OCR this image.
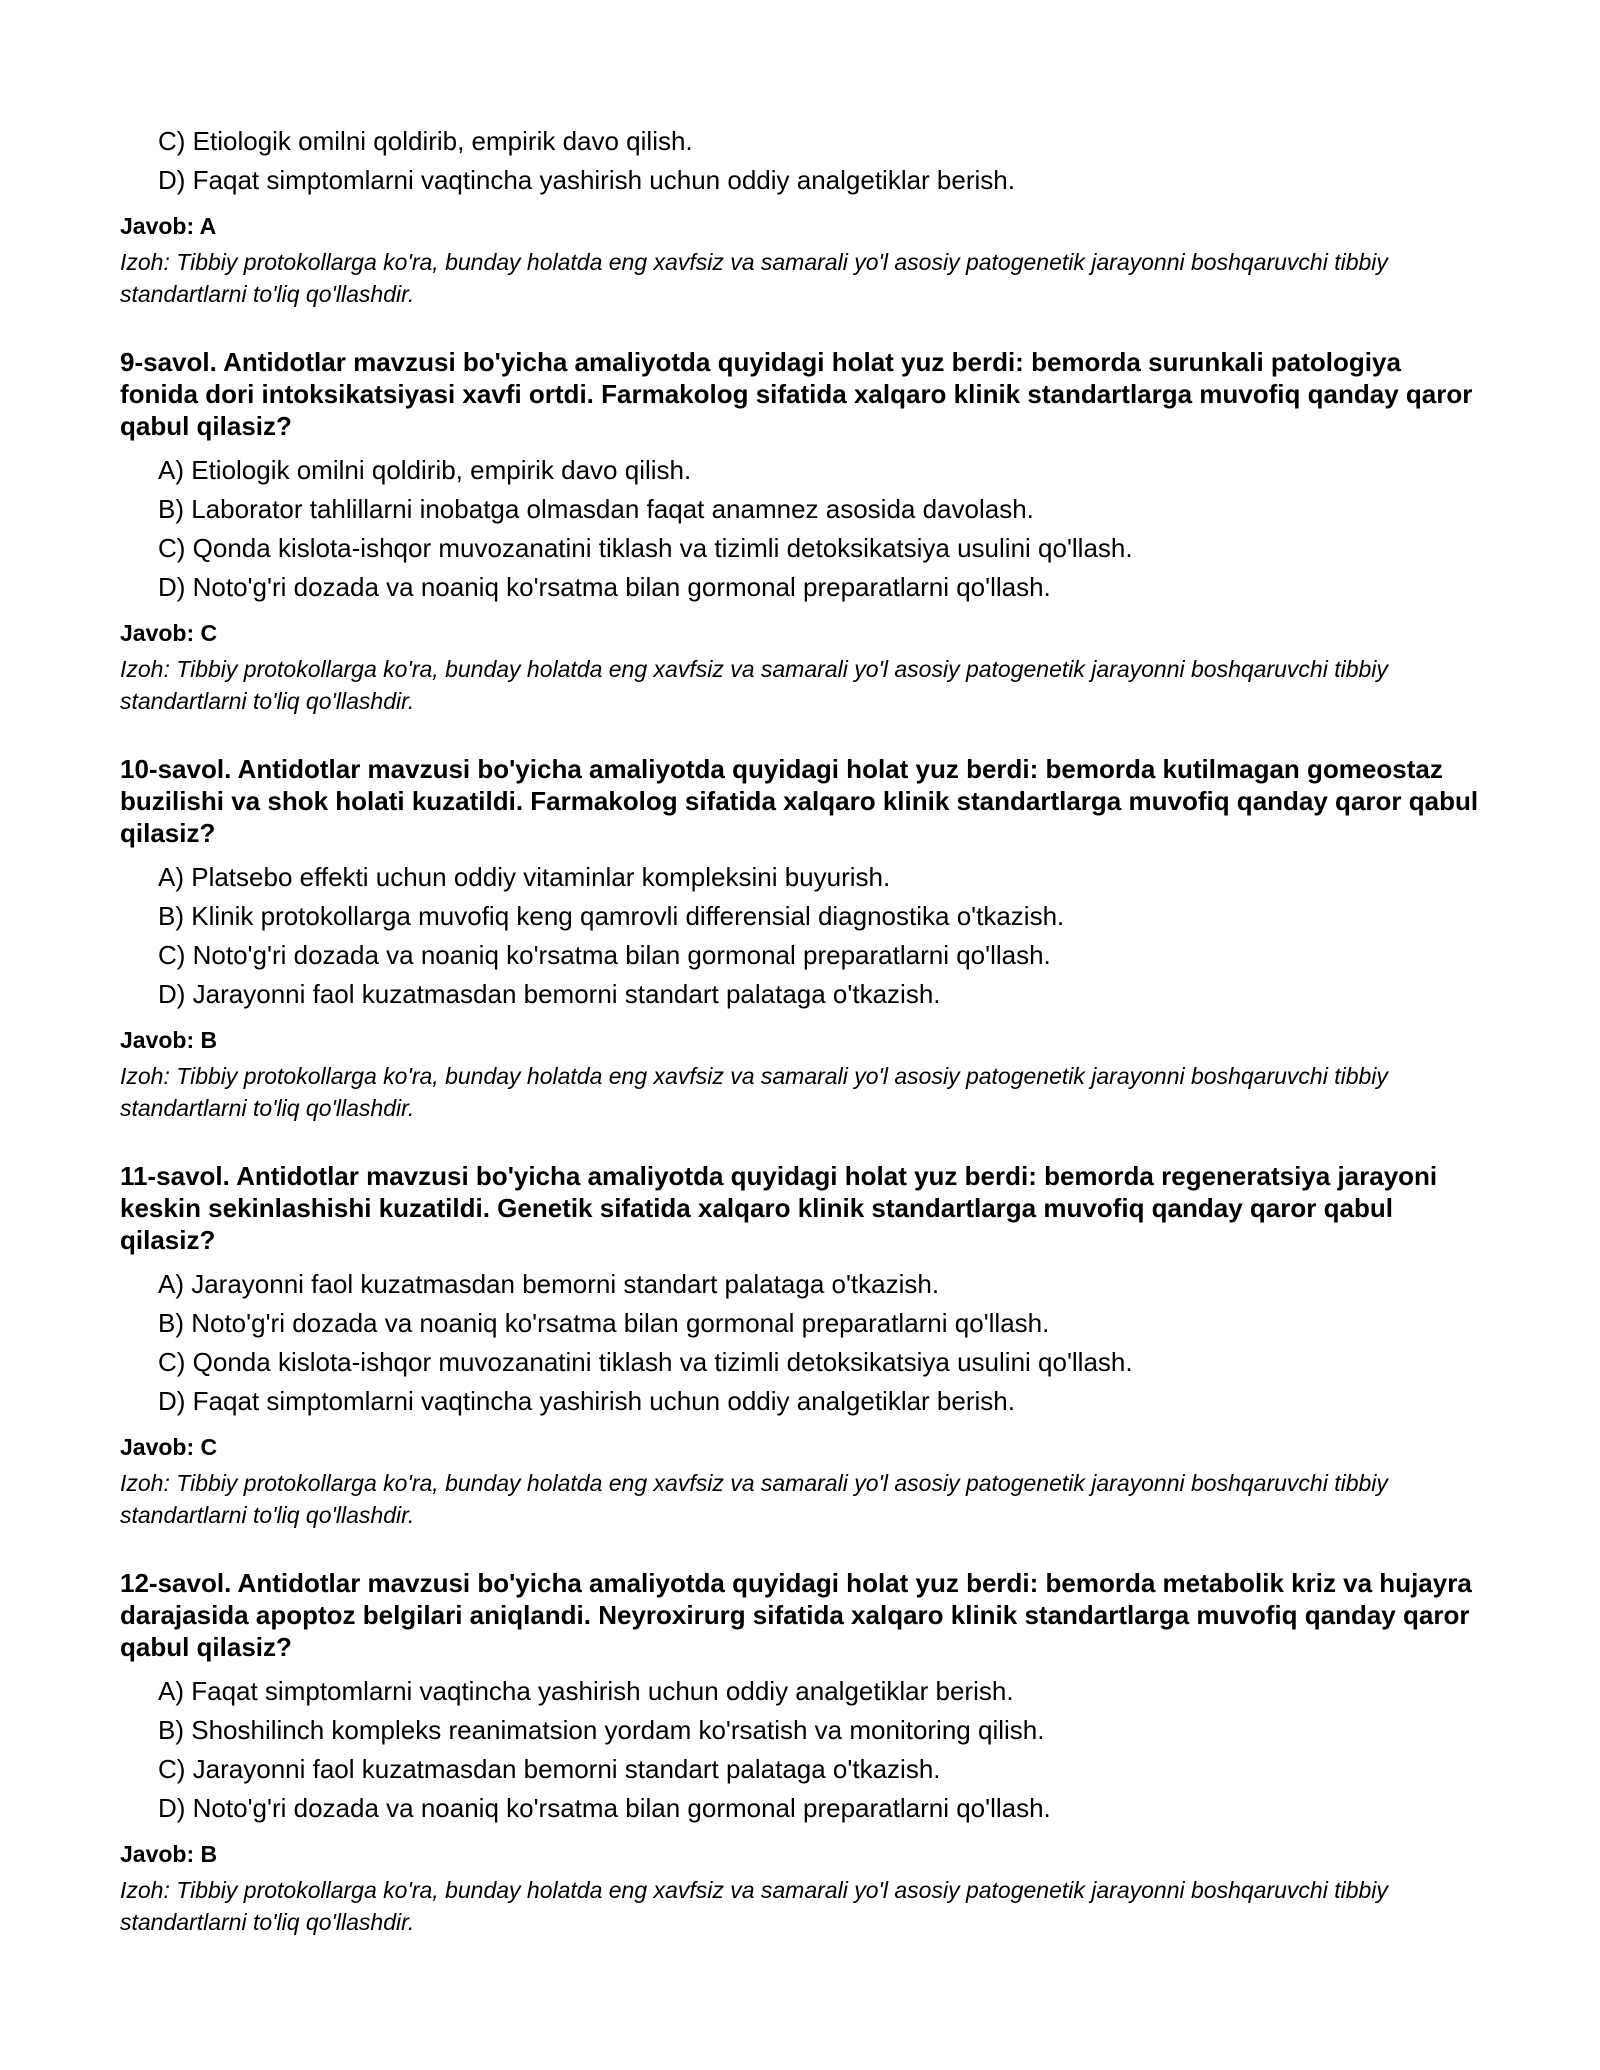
C) Etiologik omilni qoldirib, empirik davo qilish.
D) Faqat simptomlarni vaqtincha yashirish uchun oddiy analgetiklar berish.
Javob: A
Izoh: Tibbiy protokollarga ko'ra, bunday holatda eng xavfsiz va samarali yo'l asosiy patogenetik jarayonni boshqaruvchi tibbiy standartlarni to'liq qo'llashdir.
9-savol. Antidotlar mavzusi bo'yicha amaliyotda quyidagi holat yuz berdi: bemorda surunkali patologiya fonida dori intoksikatsiyasi xavfi ortdi. Farmakolog sifatida xalqaro klinik standartlarga muvofiq qanday qaror qabul qilasiz?
A) Etiologik omilni qoldirib, empirik davo qilish.
B) Laborator tahlillarni inobatga olmasdan faqat anamnez asosida davolash.
C) Qonda kislota-ishqor muvozanatini tiklash va tizimli detoksikatsiya usulini qo'llash.
D) Noto'g'ri dozada va noaniq ko'rsatma bilan gormonal preparatlarni qo'llash.
Javob: C
Izoh: Tibbiy protokollarga ko'ra, bunday holatda eng xavfsiz va samarali yo'l asosiy patogenetik jarayonni boshqaruvchi tibbiy standartlarni to'liq qo'llashdir.
10-savol. Antidotlar mavzusi bo'yicha amaliyotda quyidagi holat yuz berdi: bemorda kutilmagan gomeostaz buzilishi va shok holati kuzatildi. Farmakolog sifatida xalqaro klinik standartlarga muvofiq qanday qaror qabul qilasiz?
A) Platsebo effekti uchun oddiy vitaminlar kompleksini buyurish.
B) Klinik protokollarga muvofiq keng qamrovli differensial diagnostika o'tkazish.
C) Noto'g'ri dozada va noaniq ko'rsatma bilan gormonal preparatlarni qo'llash.
D) Jarayonni faol kuzatmasdan bemorni standart palataga o'tkazish.
Javob: B
Izoh: Tibbiy protokollarga ko'ra, bunday holatda eng xavfsiz va samarali yo'l asosiy patogenetik jarayonni boshqaruvchi tibbiy standartlarni to'liq qo'llashdir.
11-savol. Antidotlar mavzusi bo'yicha amaliyotda quyidagi holat yuz berdi: bemorda regeneratsiya jarayoni keskin sekinlashishi kuzatildi. Genetik sifatida xalqaro klinik standartlarga muvofiq qanday qaror qabul qilasiz?
A) Jarayonni faol kuzatmasdan bemorni standart palataga o'tkazish.
B) Noto'g'ri dozada va noaniq ko'rsatma bilan gormonal preparatlarni qo'llash.
C) Qonda kislota-ishqor muvozanatini tiklash va tizimli detoksikatsiya usulini qo'llash.
D) Faqat simptomlarni vaqtincha yashirish uchun oddiy analgetiklar berish.
Javob: C
Izoh: Tibbiy protokollarga ko'ra, bunday holatda eng xavfsiz va samarali yo'l asosiy patogenetik jarayonni boshqaruvchi tibbiy standartlarni to'liq qo'llashdir.
12-savol. Antidotlar mavzusi bo'yicha amaliyotda quyidagi holat yuz berdi: bemorda metabolik kriz va hujayra darajasida apoptoz belgilari aniqlandi. Neyroxirurg sifatida xalqaro klinik standartlarga muvofiq qanday qaror qabul qilasiz?
A) Faqat simptomlarni vaqtincha yashirish uchun oddiy analgetiklar berish.
B) Shoshilinch kompleks reanimatsion yordam ko'rsatish va monitoring qilish.
C) Jarayonni faol kuzatmasdan bemorni standart palataga o'tkazish.
D) Noto'g'ri dozada va noaniq ko'rsatma bilan gormonal preparatlarni qo'llash.
Javob: B
Izoh: Tibbiy protokollarga ko'ra, bunday holatda eng xavfsiz va samarali yo'l asosiy patogenetik jarayonni boshqaruvchi tibbiy standartlarni to'liq qo'llashdir.
